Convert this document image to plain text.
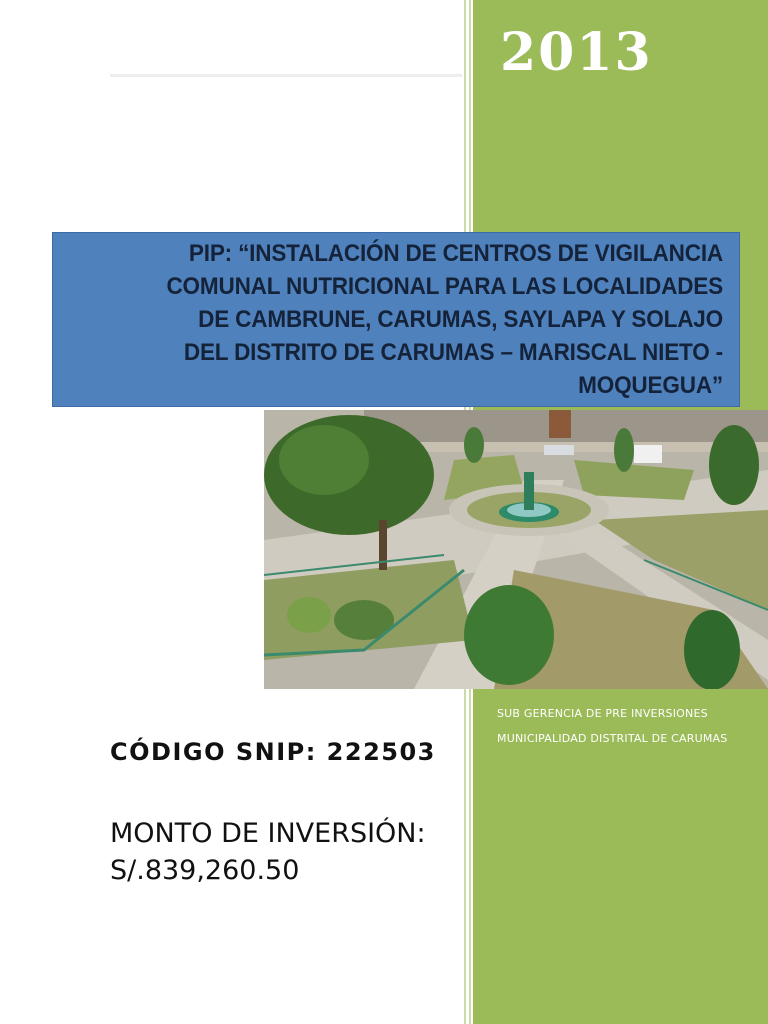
2013
PIP: “INSTALACIÓN DE CENTROS DE VIGILANCIA
COMUNAL NUTRICIONAL PARA LAS LOCALIDADES
DE CAMBRUNE, CARUMAS, SAYLAPA Y SOLAJO
DEL DISTRITO DE CARUMAS – MARISCAL NIETO -
MOQUEGUA”
SUB GERENCIA DE PRE INVERSIONES
MUNICIPALIDAD DISTRITAL DE CARUMAS
CÓDIGO SNIP: 222503
MONTO DE INVERSIÓN:
S/.839,260.50
